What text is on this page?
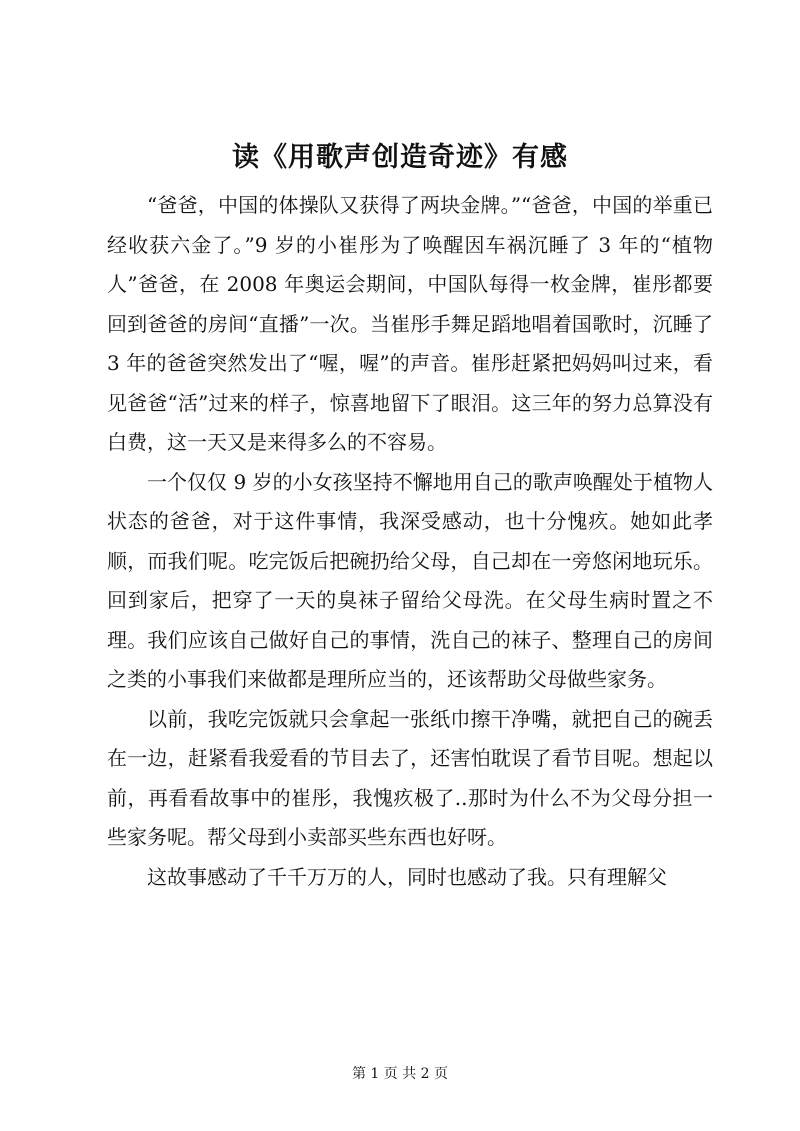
读《用歌声创造奇迹》有感

“爸爸，中国的体操队又获得了两块金牌。”“爸爸，中国的举重已经收获六金了。”9 岁的小崔彤为了唤醒因车祸沉睡了 3 年的“植物人”爸爸，在 2008 年奥运会期间，中国队每得一枚金牌，崔彤都要回到爸爸的房间“直播”一次。当崔彤手舞足蹈地唱着国歌时，沉睡了 3 年的爸爸突然发出了“喔，喔”的声音。崔彤赶紧把妈妈叫过来，看见爸爸“活”过来的样子，惊喜地留下了眼泪。这三年的努力总算没有白费，这一天又是来得多么的不容易。

一个仅仅 9 岁的小女孩坚持不懈地用自己的歌声唤醒处于植物人状态的爸爸，对于这件事情，我深受感动，也十分愧疚。她如此孝顺，而我们呢。吃完饭后把碗扔给父母，自己却在一旁悠闲地玩乐。回到家后，把穿了一天的臭袜子留给父母洗。在父母生病时置之不理。我们应该自己做好自己的事情，洗自己的袜子、整理自己的房间之类的小事我们来做都是理所应当的，还该帮助父母做些家务。

以前，我吃完饭就只会拿起一张纸巾擦干净嘴，就把自己的碗丢在一边，赶紧看我爱看的节目去了，还害怕耽误了看节目呢。想起以前，再看看故事中的崔彤，我愧疚极了..那时为什么不为父母分担一些家务呢。帮父母到小卖部买些东西也好呀。

这故事感动了千千万万的人，同时也感动了我。只有理解父

第 1 页 共 2 页
